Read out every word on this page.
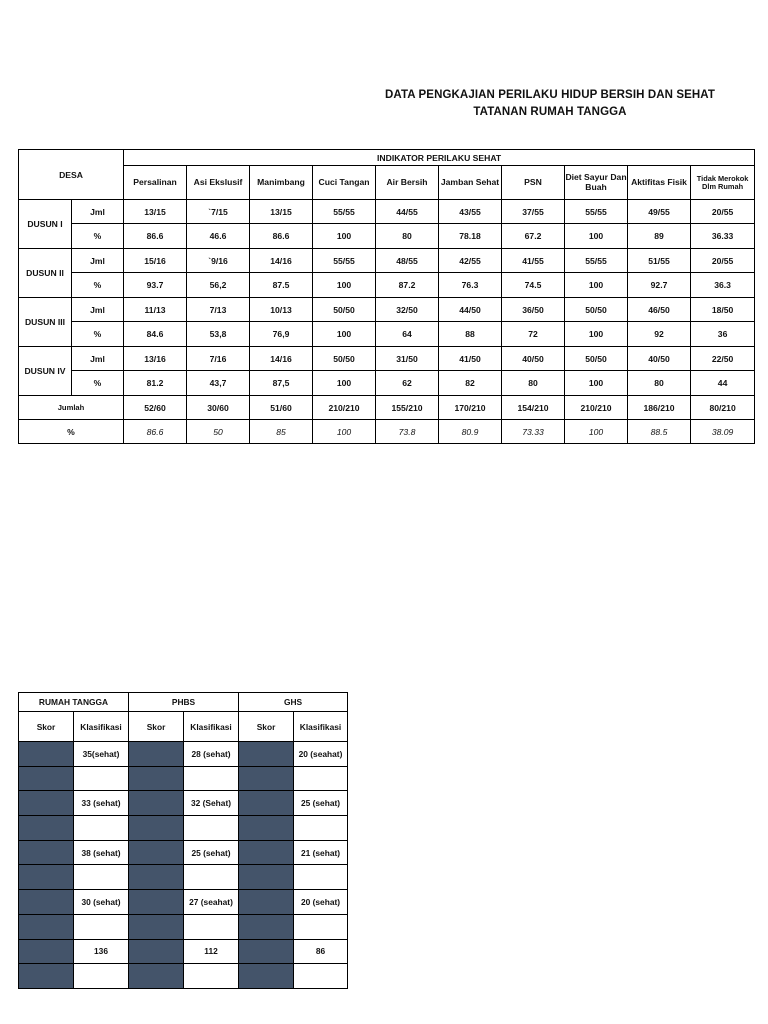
DATA PENGKAJIAN PERILAKU HIDUP BERSIH DAN SEHAT
TATANAN RUMAH TANGGA
DESA		INDIKATOR PERILAKU SEHAT									
		Persalinan	Asi Ekslusif	Manimbang	Cuci Tangan	Air Bersih	Jamban Sehat	PSN	Diet Sayur Dan Buah	Aktifitas Fisik	Tidak Merokok Dlm Rumah
DUSUN I	Jml	13/15	`7/15	13/15	55/55	44/55	43/55	37/55	55/55	49/55	20/55
	%	86.6	46.6	86.6	100	80	78.18	67.2	100	89	36.33
DUSUN II	Jml	15/16	`9/16	14/16	55/55	48/55	42/55	41/55	55/55	51/55	20/55
	%	93.7	56,2	87.5	100	87.2	76.3	74.5	100	92.7	36.3
DUSUN III	Jml	11/13	7/13	10/13	50/50	32/50	44/50	36/50	50/50	46/50	18/50
	%	84.6	53,8	76,9	100	64	88	72	100	92	36
DUSUN IV	Jml	13/16	7/16	14/16	50/50	31/50	41/50	40/50	50/50	40/50	22/50
	%	81.2	43,7	87,5	100	62	82	80	100	80	44
Jumlah		52/60	30/60	51/60	210/210	155/210	170/210	154/210	210/210	186/210	80/210
%		86.6	50	85	100	73.8	80.9	73.33	100	88.5	38.09
RUMAH TANGGA		PHBS		GHS	
Skor	Klasifikasi	Skor	Klasifikasi	Skor	Klasifikasi
	35(sehat)		28 (sehat)		20 (seahat)

	33 (sehat)		32 (Sehat)		25 (sehat)

	38 (sehat)		25 (sehat)		21 (sehat)

	30 (sehat)		27 (seahat)		20 (sehat)

	136		112		86
